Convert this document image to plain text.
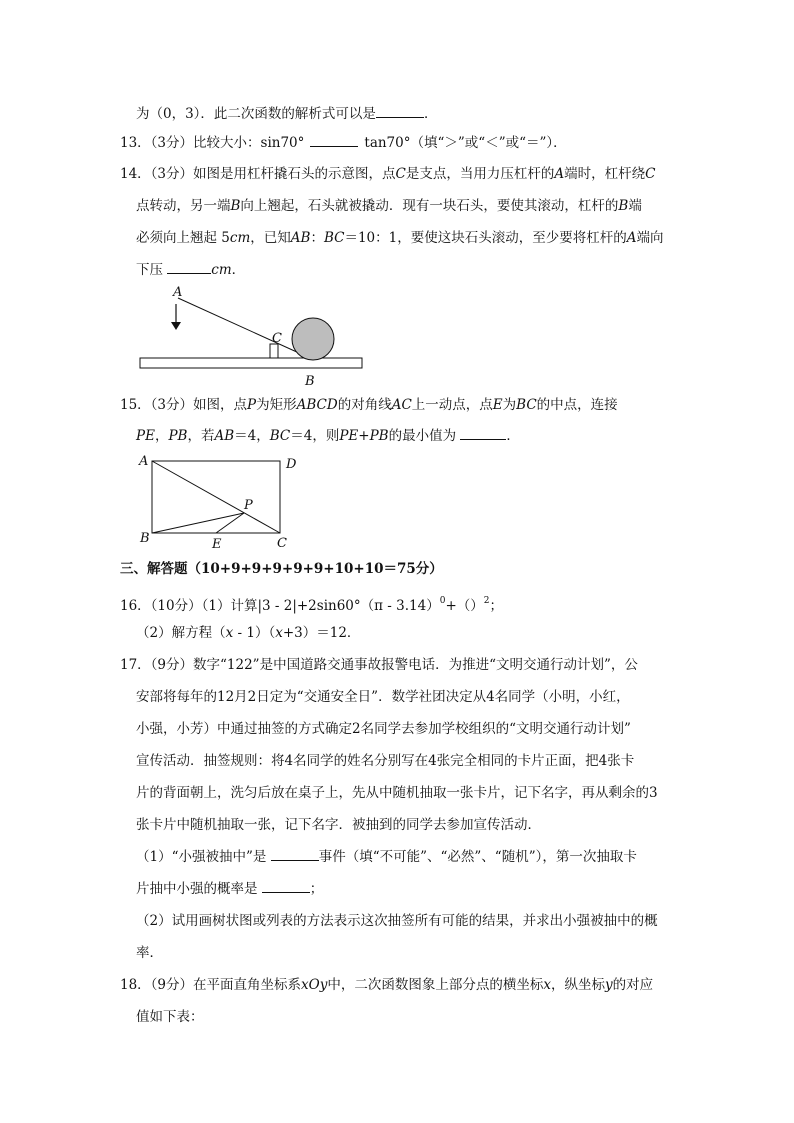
为（0，3）．此二次函数的解析式可以是	．
13．（3分）比较大小：sin70°	tan70°（填“＞”或“＜”或“＝”）．
14．（3分）如图是用杠杆撬石头的示意图，点C是支点，当用力压杠杆的A端时，杠杆绕C
点转动，另一端B向上翘起，石头就被撬动．现有一块石头，要使其滚动，杠杆的B端
必须向上翘起 5cm，已知AB：BC＝10：1，要使这块石头滚动，至少要将杠杆的A端向
下压	cm．
A
C
B
15．（3分）如图，点P为矩形ABCD的对角线AC上一动点，点E为BC的中点，连接
PE，PB，若AB＝4，BC＝4，则PE+PB的最小值为	．
A	D
B	C
E
P
三、解答题（10+9+9+9+9+9+10+10＝75分）
16．（10分）（1）计算|3 - 2|+2sin60°（π - 3.14）$^0$+（）$^2$；
（2）解方程（x - 1）（x+3）＝12．
17．（9分）数字“122”是中国道路交通事故报警电话．为推进“文明交通行动计划”，公
安部将每年的12月2日定为“交通安全日”．数学社团决定从4名同学（小明，小红，
小强，小芳）中通过抽签的方式确定2名同学去参加学校组织的“文明交通行动计划”
宣传活动．抽签规则：将4名同学的姓名分别写在4张完全相同的卡片正面，把4张卡
片的背面朝上，洗匀后放在桌子上，先从中随机抽取一张卡片，记下名字，再从剩余的3
张卡片中随机抽取一张，记下名字．被抽到的同学去参加宣传活动．
（1）“小强被抽中”是	事件（填“不可能”、“必然”、“随机”），第一次抽取卡
片抽中小强的概率是	；
（2）试用画树状图或列表的方法表示这次抽签所有可能的结果，并求出小强被抽中的概
率．
18．（9分）在平面直角坐标系xOy中，二次函数图象上部分点的横坐标x，纵坐标y的对应
值如下表：
